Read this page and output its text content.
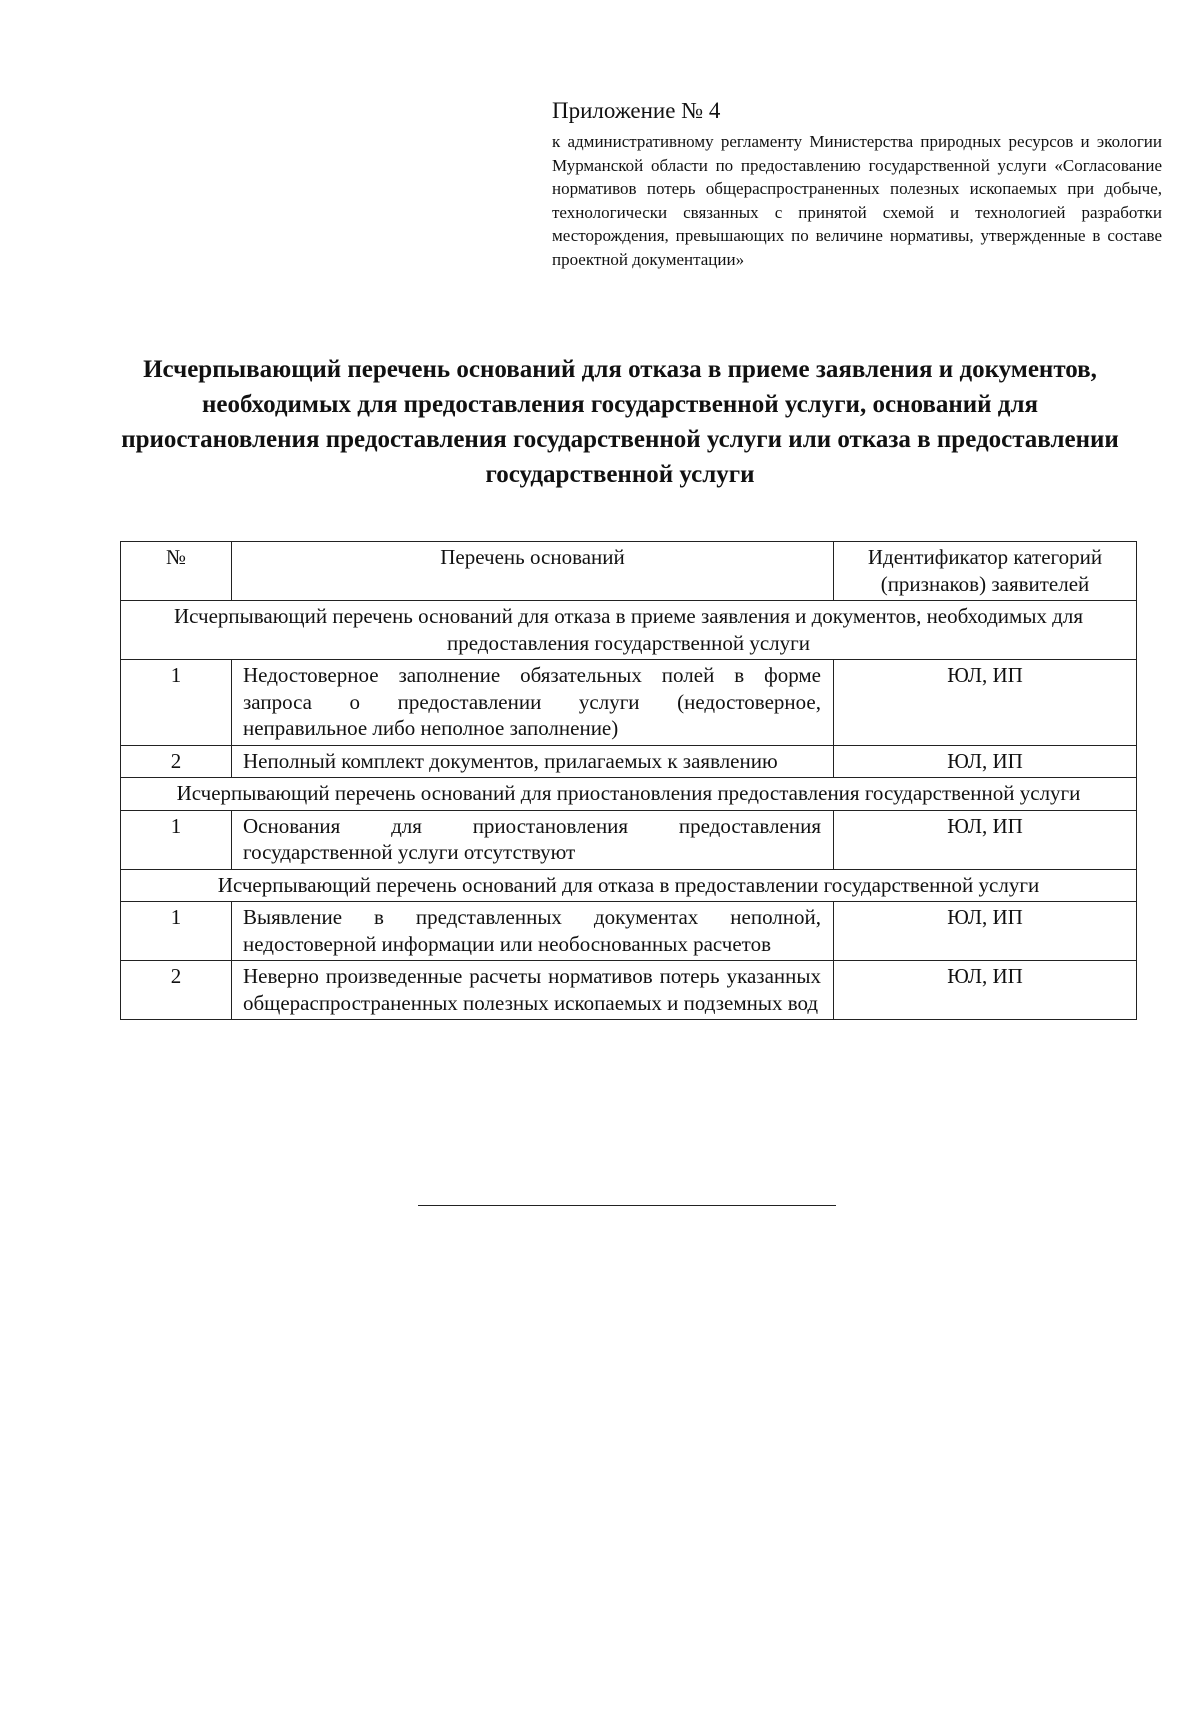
Приложение № 4

к административному регламенту Министерства природных ресурсов и экологии Мурманской области по предоставлению государственной услуги «Согласование нормативов потерь общераспространенных полезных ископаемых при добыче, технологически связанных с принятой схемой и технологией разработки месторождения, превышающих по величине нормативы, утвержденные в составе проектной документации»

Исчерпывающий перечень оснований для отказа в приеме заявления и документов, необходимых для предоставления государственной услуги, оснований для приостановления предоставления государственной услуги или отказа в предоставлении государственной услуги
№	Перечень оснований	Идентификатор категорий (признаков) заявителей
Исчерпывающий перечень оснований для отказа в приеме заявления и документов, необходимых для предоставления государственной услуги		
1	Недостоверное заполнение обязательных полей в форме запроса о предоставлении услуги (недостоверное, неправильное либо неполное заполнение)	ЮЛ, ИП
2	Неполный комплект документов, прилагаемых к заявлению	ЮЛ, ИП
Исчерпывающий перечень оснований для приостановления предоставления государственной услуги		
1	Основания для приостановления предоставления государственной услуги отсутствуют	ЮЛ, ИП
Исчерпывающий перечень оснований для отказа в предоставлении государственной услуги		
1	Выявление в представленных документах неполной, недостоверной информации или необоснованных расчетов	ЮЛ, ИП
2	Неверно произведенные расчеты нормативов потерь указанных общераспространенных полезных ископаемых и подземных вод	ЮЛ, ИП
